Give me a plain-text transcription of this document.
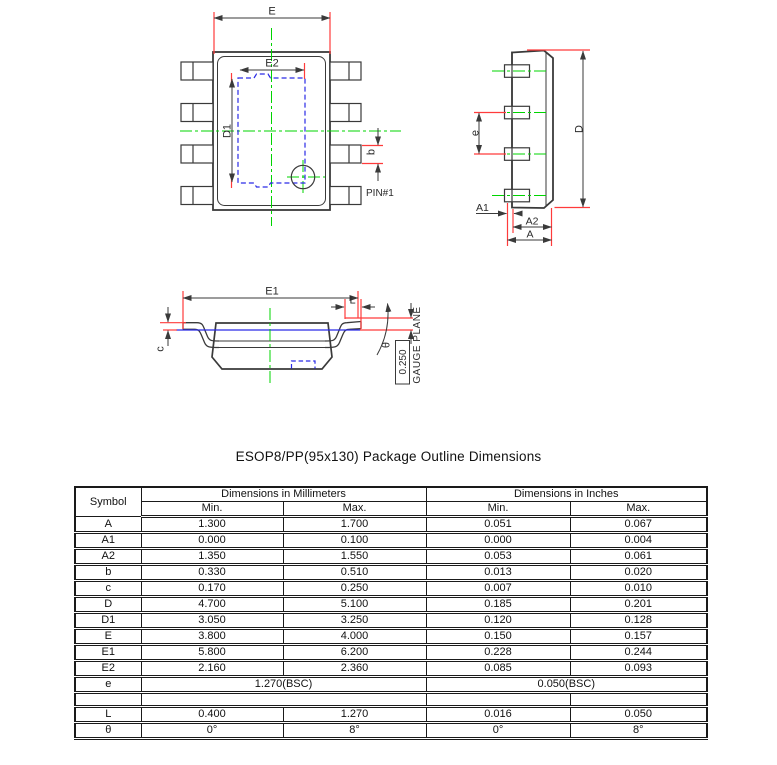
E
E2
D1
b
PIN#1
e
D
A1
A2
A
E1
L
c
θ
0.250 GAUGE PLANE
ESOP8/PP(95x130) Package Outline Dimensions
Symbol	Dimensions in Millimeters		Dimensions in Inches	
	Min.	Max.	Min.	Max.
A	1.300	1.700	0.051	0.067
A1	0.000	0.100	0.000	0.004
A2	1.350	1.550	0.053	0.061
b	0.330	0.510	0.013	0.020
c	0.170	0.250	0.007	0.010
D	4.700	5.100	0.185	0.201
D1	3.050	3.250	0.120	0.128
E	3.800	4.000	0.150	0.157
E1	5.800	6.200	0.228	0.244
E2	2.160	2.360	0.085	0.093
e	1.270(BSC)		0.050(BSC)	

L	0.400	1.270	0.016	0.050
θ	0°	8°	0°	8°
